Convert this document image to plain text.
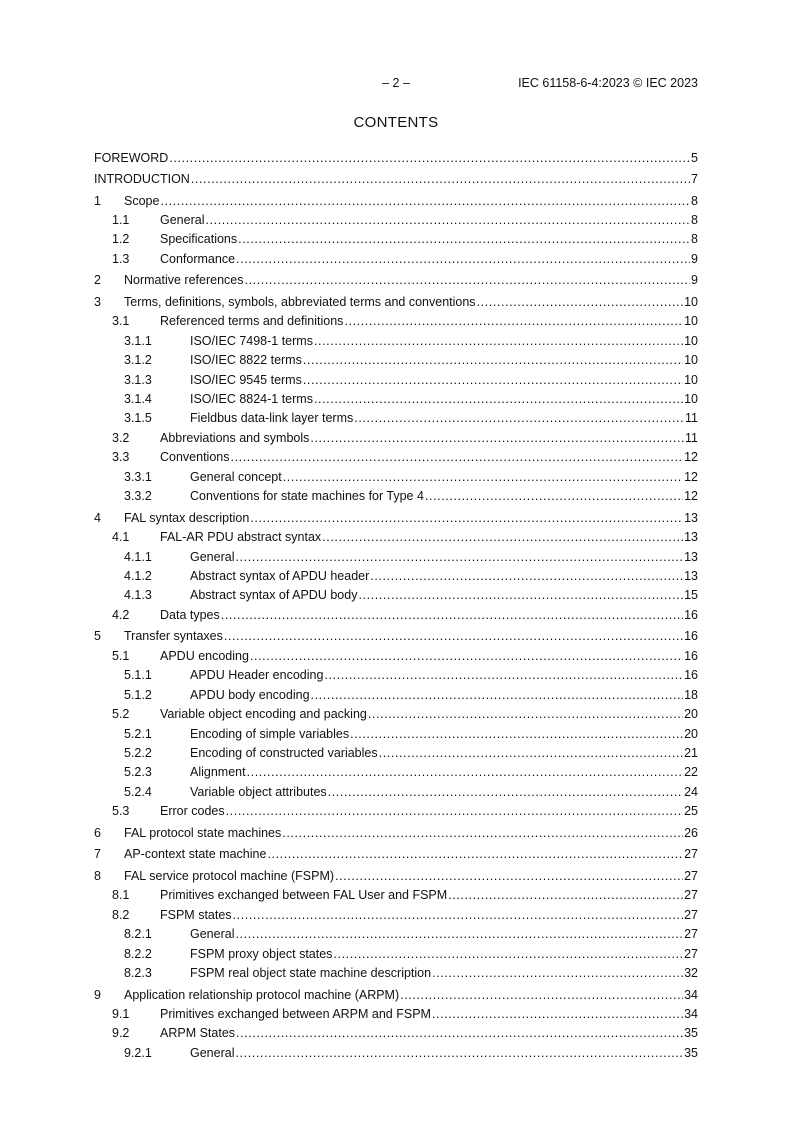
– 2 –	IEC 61158-6-4:2023 © IEC 2023
CONTENTS
FOREWORD .....	5
INTRODUCTION .....	7
1	Scope .....	8
1.1	General .....	8
1.2	Specifications .....	8
1.3	Conformance .....	9
2	Normative references .....	9
3	Terms, definitions, symbols, abbreviated terms and conventions .....	10
3.1	Referenced terms and definitions .....	10
3.1.1	ISO/IEC 7498-1 terms .....	10
3.1.2	ISO/IEC 8822 terms .....	10
3.1.3	ISO/IEC 9545 terms .....	10
3.1.4	ISO/IEC 8824-1 terms .....	10
3.1.5	Fieldbus data-link layer terms .....	11
3.2	Abbreviations and symbols .....	11
3.3	Conventions .....	12
3.3.1	General concept .....	12
3.3.2	Conventions for state machines for Type 4 .....	12
4	FAL syntax description .....	13
4.1	FAL-AR PDU abstract syntax .....	13
4.1.1	General .....	13
4.1.2	Abstract syntax of APDU header .....	13
4.1.3	Abstract syntax of APDU body .....	15
4.2	Data types .....	16
5	Transfer syntaxes .....	16
5.1	APDU encoding .....	16
5.1.1	APDU Header encoding .....	16
5.1.2	APDU body encoding .....	18
5.2	Variable object encoding and packing .....	20
5.2.1	Encoding of simple variables .....	20
5.2.2	Encoding of constructed variables .....	21
5.2.3	Alignment .....	22
5.2.4	Variable object attributes .....	24
5.3	Error codes .....	25
6	FAL protocol state machines .....	26
7	AP-context state machine .....	27
8	FAL service protocol machine (FSPM) .....	27
8.1	Primitives exchanged between FAL User and FSPM .....	27
8.2	FSPM states .....	27
8.2.1	General .....	27
8.2.2	FSPM proxy object states .....	27
8.2.3	FSPM real object state machine description .....	32
9	Application relationship protocol machine (ARPM) .....	34
9.1	Primitives exchanged between ARPM and FSPM .....	34
9.2	ARPM States .....	35
9.2.1	General .....	35
